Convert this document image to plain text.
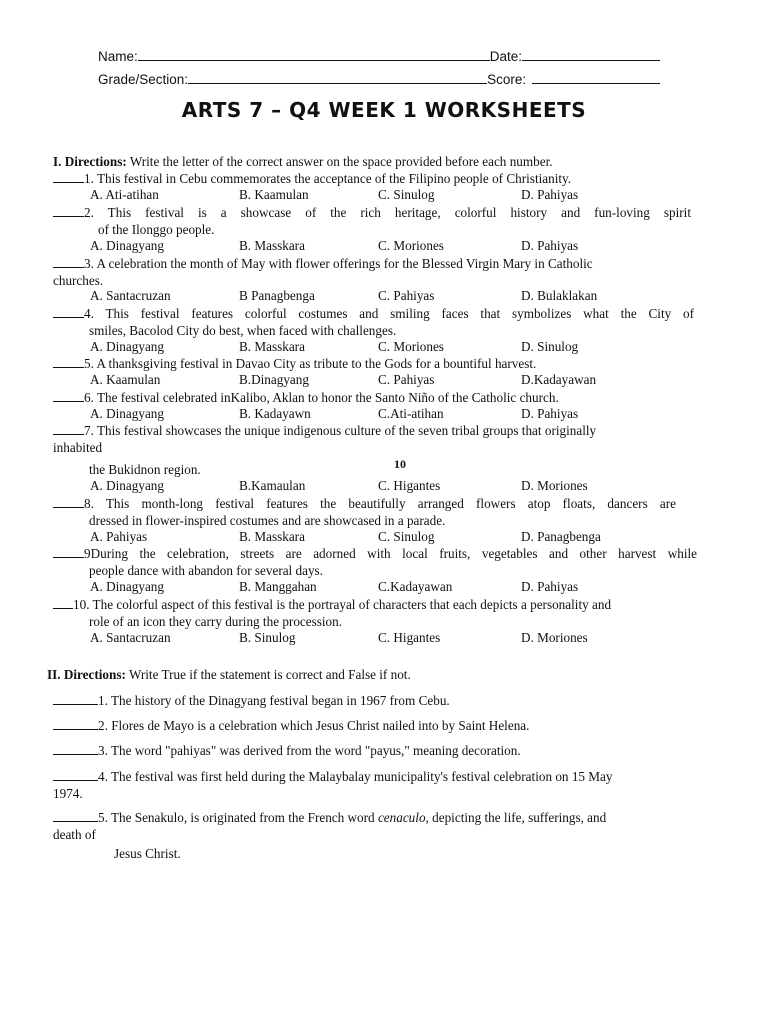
Name:	Date:
Grade/Section:	Score:
ARTS 7 – Q4 WEEK 1 WORKSHEETS
I. Directions: Write the letter of the correct answer on the space provided before each number.
1. This festival in Cebu commemorates the acceptance of the Filipino people of Christianity.
A. Ati-atihan	B. Kaamulan	C. Sinulog	D. Pahiyas
2. This festival is a showcase of the rich heritage, colorful history and fun-loving spirit
of the Ilonggo people.
A. Dinagyang	B. Masskara	C. Moriones	D. Pahiyas
3. A celebration the month of May with flower offerings for the Blessed Virgin Mary in Catholic
churches.
A. Santacruzan	B Panagbenga	C. Pahiyas	D. Bulaklakan
4. This festival features colorful costumes and smiling faces that symbolizes what the City of
smiles, Bacolod City do best, when faced with challenges.
A. Dinagyang	B. Masskara	C. Moriones	D. Sinulog
5. A thanksgiving festival in Davao City as tribute to the Gods for a bountiful harvest.
A. Kaamulan	B.Dinagyang	C. Pahiyas	D.Kadayawan
6. The festival celebrated inKalibo, Aklan to honor the Santo Niño of the Catholic church.
A. Dinagyang	B. Kadayawn	C.Ati-atihan	D. Pahiyas
7. This festival showcases the unique indigenous culture of the seven tribal groups that originally
inhabited
10
the Bukidnon region.
A. Dinagyang	B.Kamaulan	C. Higantes	D. Moriones
8. This month-long festival features the beautifully arranged flowers atop floats, dancers are
dressed in flower-inspired costumes and are showcased in a parade.
A. Pahiyas	B. Masskara	C. Sinulog	D. Panagbenga
9During the celebration, streets are adorned with local fruits, vegetables and other harvest while
people dance with abandon for several days.
A. Dinagyang	B. Manggahan	C.Kadayawan	D. Pahiyas
10. The colorful aspect of this festival is the portrayal of characters that each depicts a personality and
role of an icon they carry during the procession.
A. Santacruzan	B. Sinulog	C. Higantes	D. Moriones
II. Directions: Write True if the statement is correct and False if not.
1. The history of the Dinagyang festival began in 1967 from Cebu.
2. Flores de Mayo is a celebration which Jesus Christ nailed into by Saint Helena.
3. The word "pahiyas" was derived from the word "payus," meaning decoration.
4. The festival was first held during the Malaybalay municipality's festival celebration on 15 May
1974.
5. The Senakulo, is originated from the French word cenaculo, depicting the life, sufferings, and
death of
Jesus Christ.
